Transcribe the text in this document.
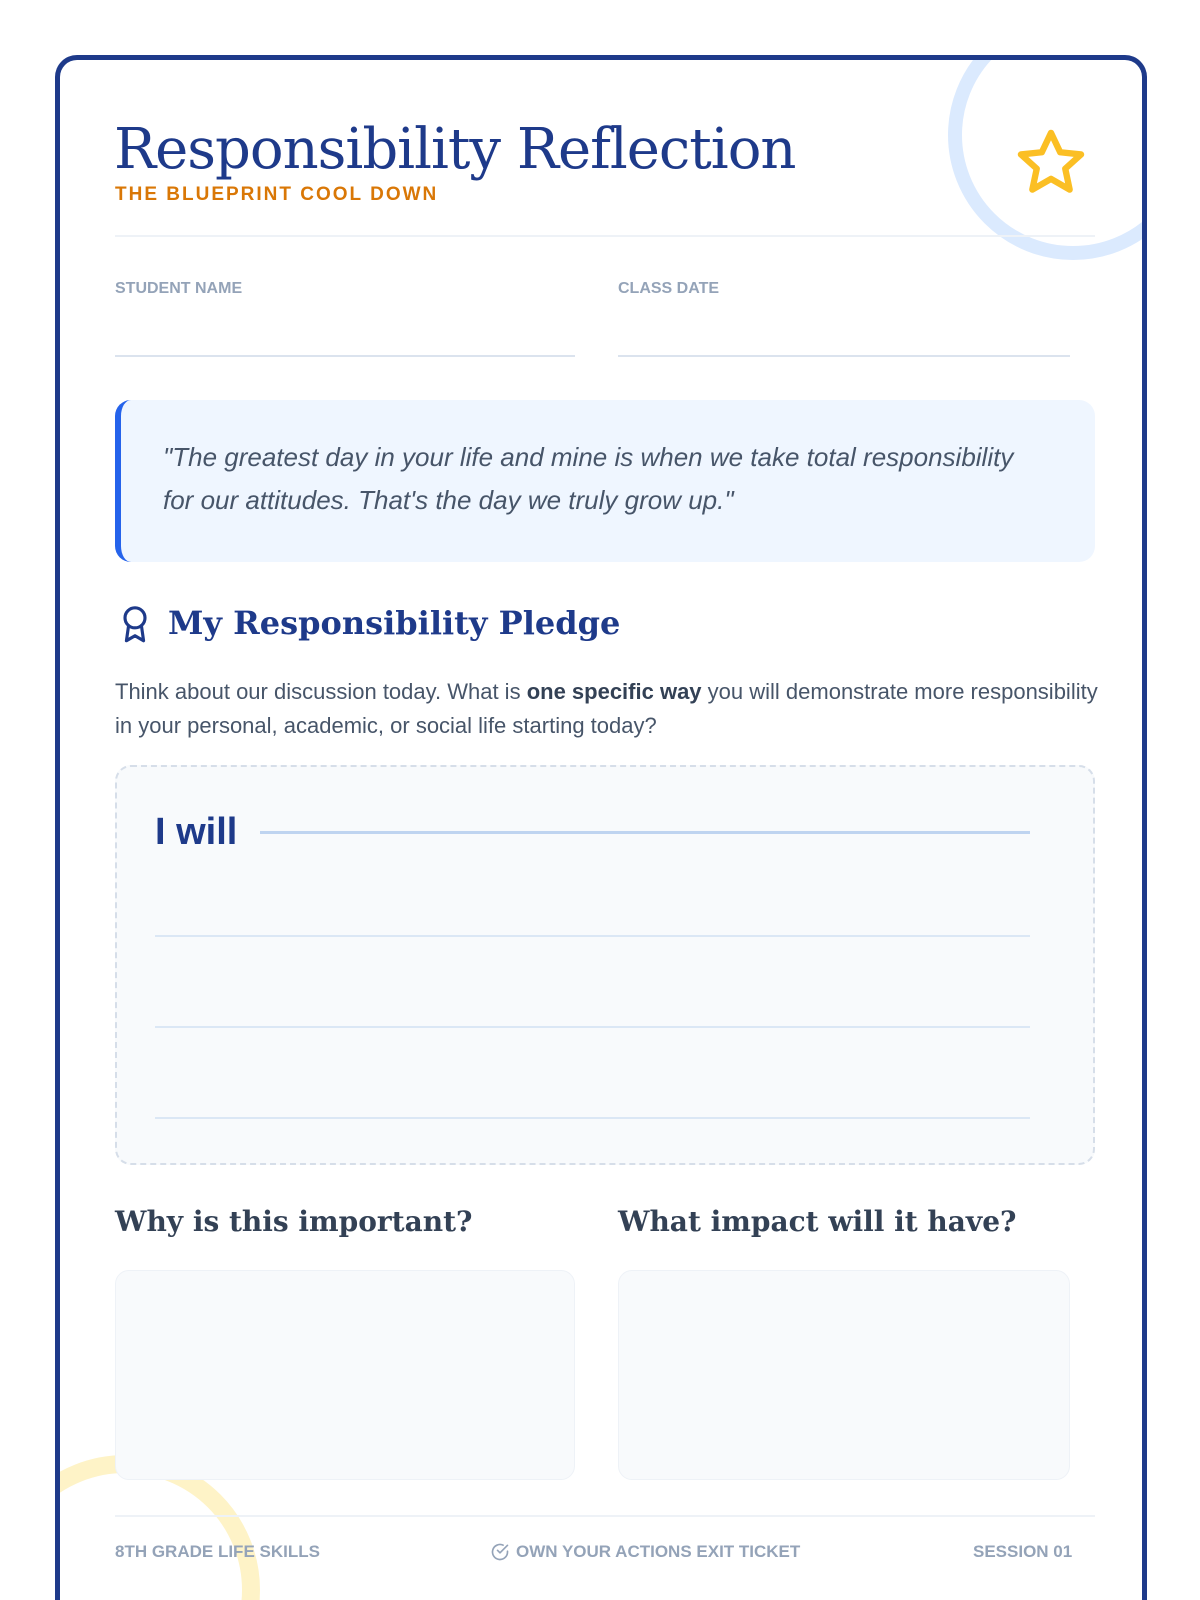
Responsibility Reflection
THE BLUEPRINT COOL DOWN
STUDENT NAME	CLASS DATE

"The greatest day in your life and mine is when we take total responsibility for our attitudes. That's the day we truly grow up."

My Responsibility Pledge

Think about our discussion today. What is one specific way you will demonstrate more responsibility in your personal, academic, or social life starting today?

I will
Why is this important?	What impact will it have?
8TH GRADE LIFE SKILLS	OWN YOUR ACTIONS EXIT TICKET	SESSION 01
